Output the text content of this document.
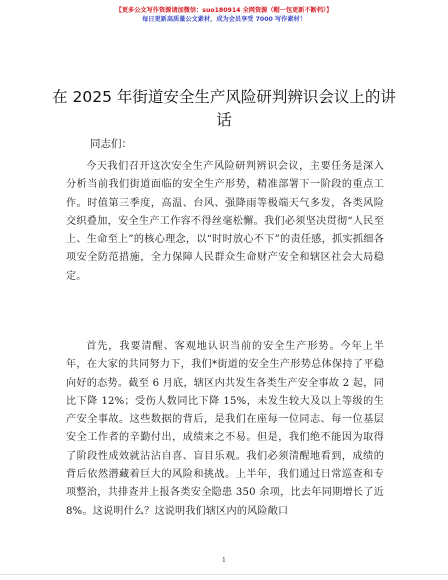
【更多公文写作资源请加微信：suo180914 全网资源（帽一包更新不断档）】
每日更新高质量公文素材，成为会员享受 7000 写作素材！
在 2025 年街道安全生产风险研判辨识会议上的讲话
同志们：

今天我们召开这次安全生产风险研判辨识会议，主要任务是深入分析当前我们街道面临的安全生产形势，精准部署下一阶段的重点工作。时值第三季度，高温、台风、强降雨等极端天气多发，各类风险交织叠加，安全生产工作容不得丝毫松懈。我们必须坚决贯彻“人民至上、生命至上”的核心理念，以“时时放心不下”的责任感，抓实抓细各项安全防范措施，全力保障人民群众生命财产安全和辖区社会大局稳定。

首先，我要清醒、客观地认识当前的安全生产形势。今年上半年，在大家的共同努力下，我们*街道的安全生产形势总体保持了平稳向好的态势。截至 6 月底，辖区内共发生各类生产安全事故 2 起，同比下降 12%；受伤人数同比下降 15%，未发生较大及以上等级的生产安全事故。这些数据的背后，是我们在座每一位同志、每一位基层安全工作者的辛勤付出，成绩来之不易。但是，我们绝不能因为取得了阶段性成效就沾沾自喜、盲目乐观。我们必须清醒地看到，成绩的背后依然潜藏着巨大的风险和挑战。上半年，我们通过日常巡查和专项整治，共排查并上报各类安全隐患 350 余项，比去年同期增长了近 8%。这说明什么？这说明我们辖区内的风险敞口

1
